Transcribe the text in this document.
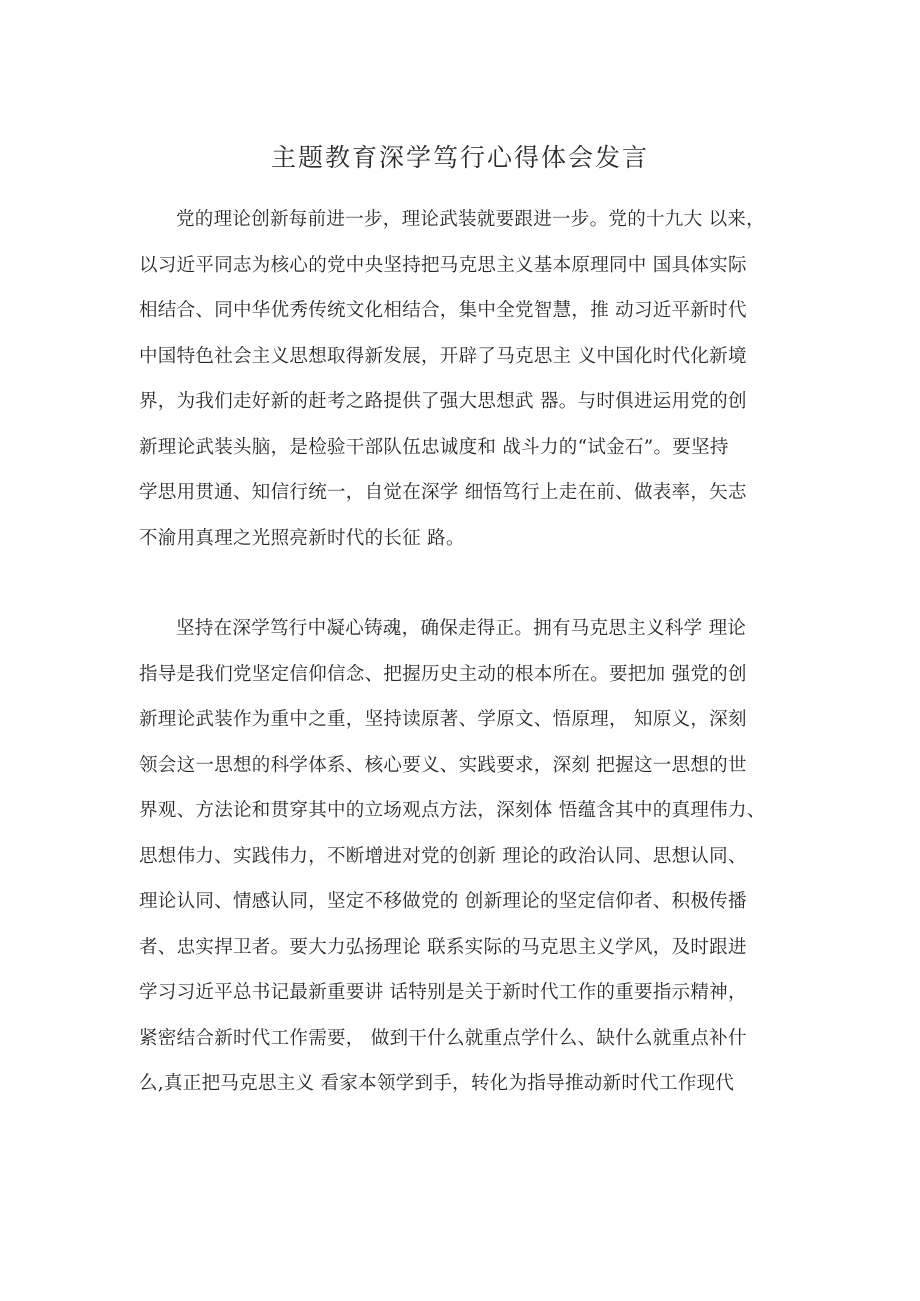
主题教育深学笃行心得体会发言
党的理论创新每前进一步，理论武装就要跟进一步。党的十九大 以来，
以习近平同志为核心的党中央坚持把马克思主义基本原理同中 国具体实际
相结合、同中华优秀传统文化相结合，集中全党智慧，推 动习近平新时代
中国特色社会主义思想取得新发展，开辟了马克思主 义中国化时代化新境
界，为我们走好新的赶考之路提供了强大思想武 器。与时俱进运用党的创
新理论武装头脑，是检验干部队伍忠诚度和 战斗力的“试金石”。要坚持
学思用贯通、知信行统一，自觉在深学 细悟笃行上走在前、做表率，矢志
不渝用真理之光照亮新时代的长征 路。
坚持在深学笃行中凝心铸魂，确保走得正。拥有马克思主义科学 理论
指导是我们党坚定信仰信念、把握历史主动的根本所在。要把加 强党的创
新理论武装作为重中之重，坚持读原著、学原文、悟原理， 知原义，深刻
领会这一思想的科学体系、核心要义、实践要求，深刻 把握这一思想的世
界观、方法论和贯穿其中的立场观点方法，深刻体 悟蕴含其中的真理伟力、
思想伟力、实践伟力，不断增进对党的创新 理论的政治认同、思想认同、
理论认同、情感认同，坚定不移做党的 创新理论的坚定信仰者、积极传播
者、忠实捍卫者。要大力弘扬理论 联系实际的马克思主义学风，及时跟进
学习习近平总书记最新重要讲 话特别是关于新时代工作的重要指示精神，
紧密结合新时代工作需要， 做到干什么就重点学什么、缺什么就重点补什
么,真正把马克思主义 看家本领学到手，转化为指导推动新时代工作现代
